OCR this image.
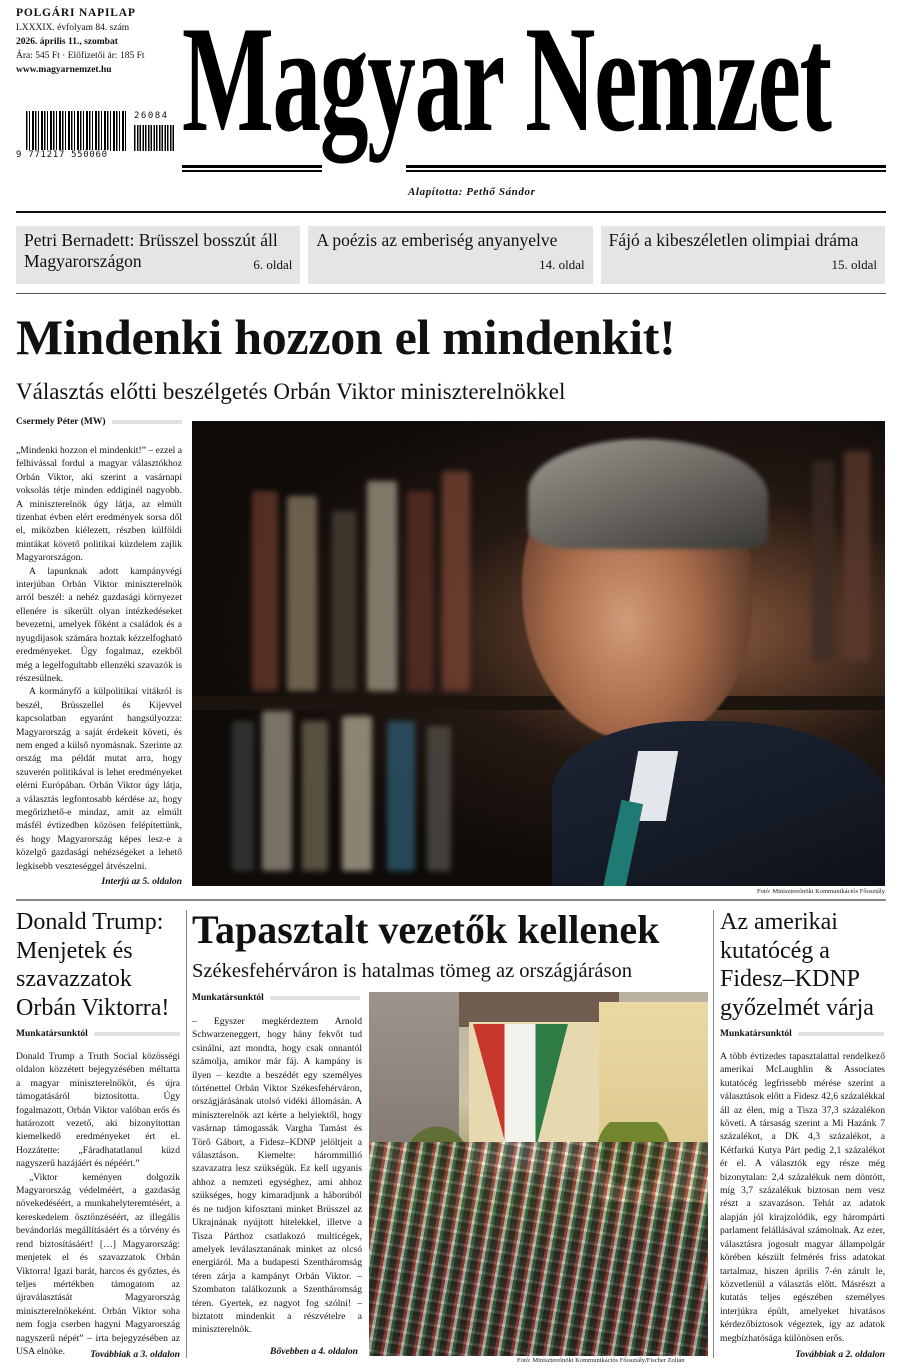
POLGÁRI NAPILAP
LXXXIX. évfolyam 84. szám
2026. április 11., szombat
Ára: 545 Ft · Előfizetői ár: 185 Ft
www.magyarnemzet.hu
26084
9 771217 550060 Magyar Nemzet
Alapította: Pethő Sándor
Petri Bernadett: Brüsszel bosszút áll Magyarországon	6. oldal
A poézis az emberiség anyanyelve
14. oldal
Fájó a kibeszéletlen olimpiai dráma
15. oldal
Mindenki hozzon el mindenkit!
Választás előtti beszélgetés Orbán Viktor miniszterelnökkel
Csermely Péter (MW)

„Mindenki hozzon el mindenkit!” – ezzel a felhívással fordul a magyar választókhoz Orbán Viktor, aki szerint a vasárnapi voksolás tétje minden eddiginél nagyobb. A miniszterelnök úgy látja, az elmúlt tizenhat évben elért eredmények sorsa dől el, miközben kiélezett, részben külföldi mintákat követő politikai küzdelem zajlik Magyarországon.

A lapunknak adott kampányvégi interjúban Orbán Viktor miniszterelnök arról beszél: a nehéz gazdasági környezet ellenére is sikerült olyan intézkedéseket bevezetni, amelyek főként a családok és a nyugdíjasok számára hoztak kézzelfogható eredményeket. Úgy fogalmaz, ezekből még a legelfogultabb ellenzéki szavazók is részesülnek.

A kormányfő a külpolitikai vitákról is beszél, Brüsszellel és Kijevvel kapcsolatban egyaránt hangsúlyozza: Magyarország a saját érdekeit követi, és nem enged a külső nyomásnak. Szerinte az ország ma példát mutat arra, hogy szuverén politikával is lehet eredményeket elérni Európában. Orbán Viktor úgy látja, a választás legfontosabb kérdése az, hogy megőrizhető-e mindaz, amit az elmúlt másfél évtizedben közösen felépítettünk, és hogy Magyarország képes lesz-e a közelgő gazdasági nehézségeket a lehető legkisebb veszteséggel átvészelni.

Interjú az 5. oldalon
Fotó: Miniszterelnöki Kommunikációs Főosztály
Donald Trump: Menjetek és szavazzatok Orbán Viktorra!
Munkatársunktól

Donald Trump a Truth Social közösségi oldalon közzétett bejegyzésében méltatta a magyar miniszterelnököt, és újra támogatásáról biztosította. Úgy fogalmazott, Orbán Viktor valóban erős és határozott vezető, aki bizonyítottan kiemelkedő eredményeket ért el. Hozzátette: „Fáradhatatlanul küzd nagyszerű hazájáért és népéért.”

„Viktor keményen dolgozik Magyarország védelméért, a gazdaság növekedéséért, a munkahelyteremtésért, a kereskedelem ösztönzéséért, az illegális bevándorlás megállításáért és a törvény és rend biztosításáért! […] Magyarország: menjetek el és szavazzatok Orbán Viktorra! Igazi barát, harcos és győztes, és teljes mértékben támogatom az újraválasztását Magyarország miniszterelnökeként. Orbán Viktor soha nem fogja cserben hagyni Magyarország nagyszerű népét” – írta bejegyzésében az USA elnöke.	Továbbiak a 3. oldalon
Tapasztalt vezetők kellenek
Székesfehérváron is hatalmas tömeg az országjáráson
Munkatársunktól

– Egyszer megkérdeztem Arnold Schwarzeneggert, hogy hány fekvőt tud csinálni, azt mondta, hogy csak onnantól számolja, amikor már fáj. A kampány is ilyen – kezdte a beszédét egy személyes történettel Orbán Viktor Székesfehérváron, országjárásának utolsó vidéki állomásán. A miniszterelnök azt kérte a helyiektől, hogy vasárnap támogassák Vargha Tamást és Törő Gábort, a Fidesz–KDNP jelöltjeit a választáson. Kiemelte: hárommillió szavazatra lesz szükségük. Ez kell ugyanis ahhoz a nemzeti egységhez, ami ahhoz szükséges, hogy kimaradjunk a háborúból és ne tudjon kifosztani minket Brüsszel az Ukrajnának nyújtott hitelekkel, illetve a Tisza Párthoz csatlakozó multicégek, amelyek leválasztanának minket az olcsó energiáról. Ma a budapesti Szentháromság téren zárja a kampányt Orbán Viktor. – Szombaton találkozunk a Szentháromság téren. Gyertek, ez nagyot fog szólni! – biztatott mindenkit a részvételre a miniszterelnök.

Bővebben a 4. oldalon
Fotó: Miniszterelnöki Kommunikációs Főosztály/Fischer Zoltán
Az amerikai kutatócég a Fidesz–KDNP győzelmét várja
Munkatársunktól

A több évtizedes tapasztalattal rendelkező amerikai McLaughlin & Associates kutatócég legfrissebb mérése szerint a választások előtt a Fidesz 42,6 százalékkal áll az élen, míg a Tisza 37,3 százalékon követi. A társaság szerint a Mi Hazánk 7 százalékot, a DK 4,3 százalékot, a Kétfarkú Kutya Párt pedig 2,1 százalékot ér el. A választók egy része még bizonytalan: 2,4 százalékuk nem döntött, míg 3,7 százalékuk biztosan nem vesz részt a szavazáson. Tehát az adatok alapján jól kirajzolódik, egy hárompárti parlament felállásával számolnak. Az ezer, választásra jogosult magyar állampolgár körében készült felmérés friss adatokat tartalmaz, hiszen április 7-én zárult le, közvetlenül a választás előtt. Másrészt a kutatás teljes egészében személyes interjúkra épült, amelyeket hivatásos kérdezőbiztosok végeztek, így az adatok megbízhatósága különösen erős.

Továbbiak a 2. oldalon
